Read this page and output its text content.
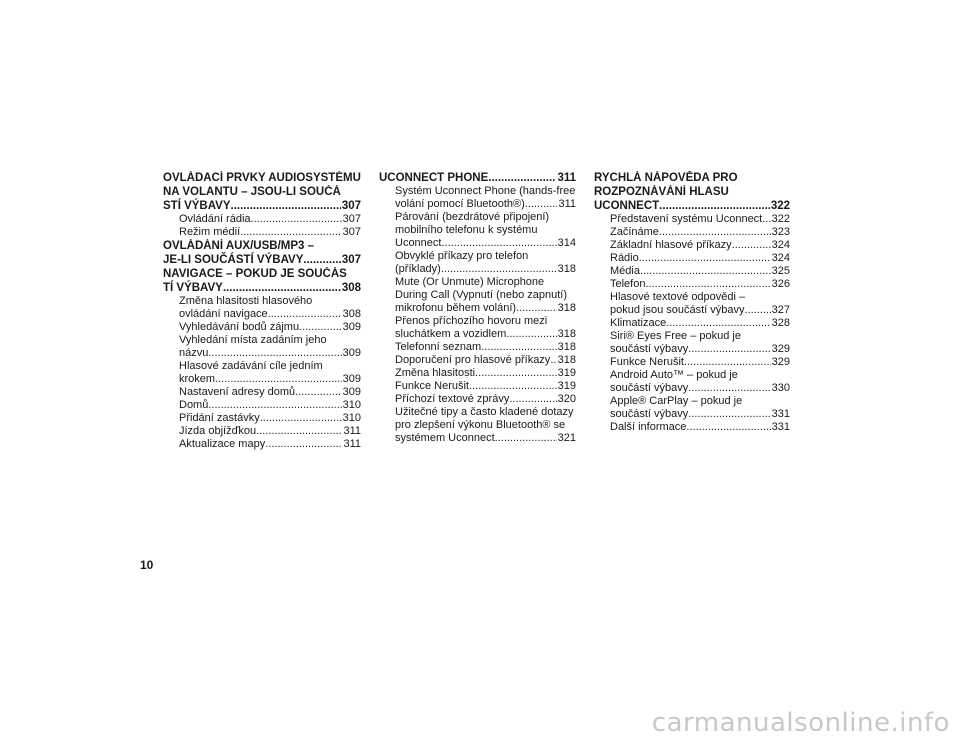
OVLÁDACÍ PRVKY AUDIOSYSTÉMU
NA VOLANTU – JSOU-LI SOUČÁ
STÍ VÝBAVY .....	307
Ovládání rádia .....	307
Režim médií .....	307
OVLÁDÁNÍ AUX/USB/MP3 –
JE-LI SOUČÁSTÍ VÝBAVY .....	307
NAVIGACE – POKUD JE SOUČÁS
TÍ VÝBAVY .....	308
Změna hlasitosti hlasového
ovládání navigace .....	308
Vyhledávání bodů zájmu .....	309
Vyhledání místa zadáním jeho
názvu .....	309
Hlasové zadávání cíle jedním
krokem .....	309
Nastavení adresy domů .....	309
Domů .....	310
Přidání zastávky .....	310
Jízda objížďkou .....	311
Aktualizace mapy .....	311
UCONNECT PHONE .....	311
Systém Uconnect Phone (hands-free
volání pomocí Bluetooth®) .....	311
Párování (bezdrátové připojení)
mobilního telefonu k systému
Uconnect .....	314
Obvyklé příkazy pro telefon
(příklady) .....	318
Mute (Or Unmute) Microphone
During Call (Vypnutí (nebo zapnutí)
mikrofonu během volání) .....	318
Přenos příchozího hovoru mezi
sluchátkem a vozidlem .....	318
Telefonní seznam .....	318
Doporučení pro hlasové příkazy ..... 318
Změna hlasitosti .....	319
Funkce Nerušit .....	319
Příchozí textové zprávy .....	320
Užitečné tipy a často kladené dotazy
pro zlepšení výkonu Bluetooth® se
systémem Uconnect .....	321
RYCHLÁ NÁPOVĚDA PRO
ROZPOZNÁVÁNÍ HLASU
UCONNECT .....	322
Představení systému Uconnect ..... 322
Začínáme .....	323
Základní hlasové příkazy .....	324
Rádio .....	324
Média .....	325
Telefon .....	326
Hlasové textové odpovědi –
pokud jsou součástí výbavy ..... 327
Klimatizace .....	328
Siri® Eyes Free – pokud je
součástí výbavy .....	329
Funkce Nerušit .....	329
Android Auto™ – pokud je
součástí výbavy .....	330
Apple® CarPlay – pokud je
součástí výbavy .....	331
Další informace .....	331
10
carmanualsonline.info
